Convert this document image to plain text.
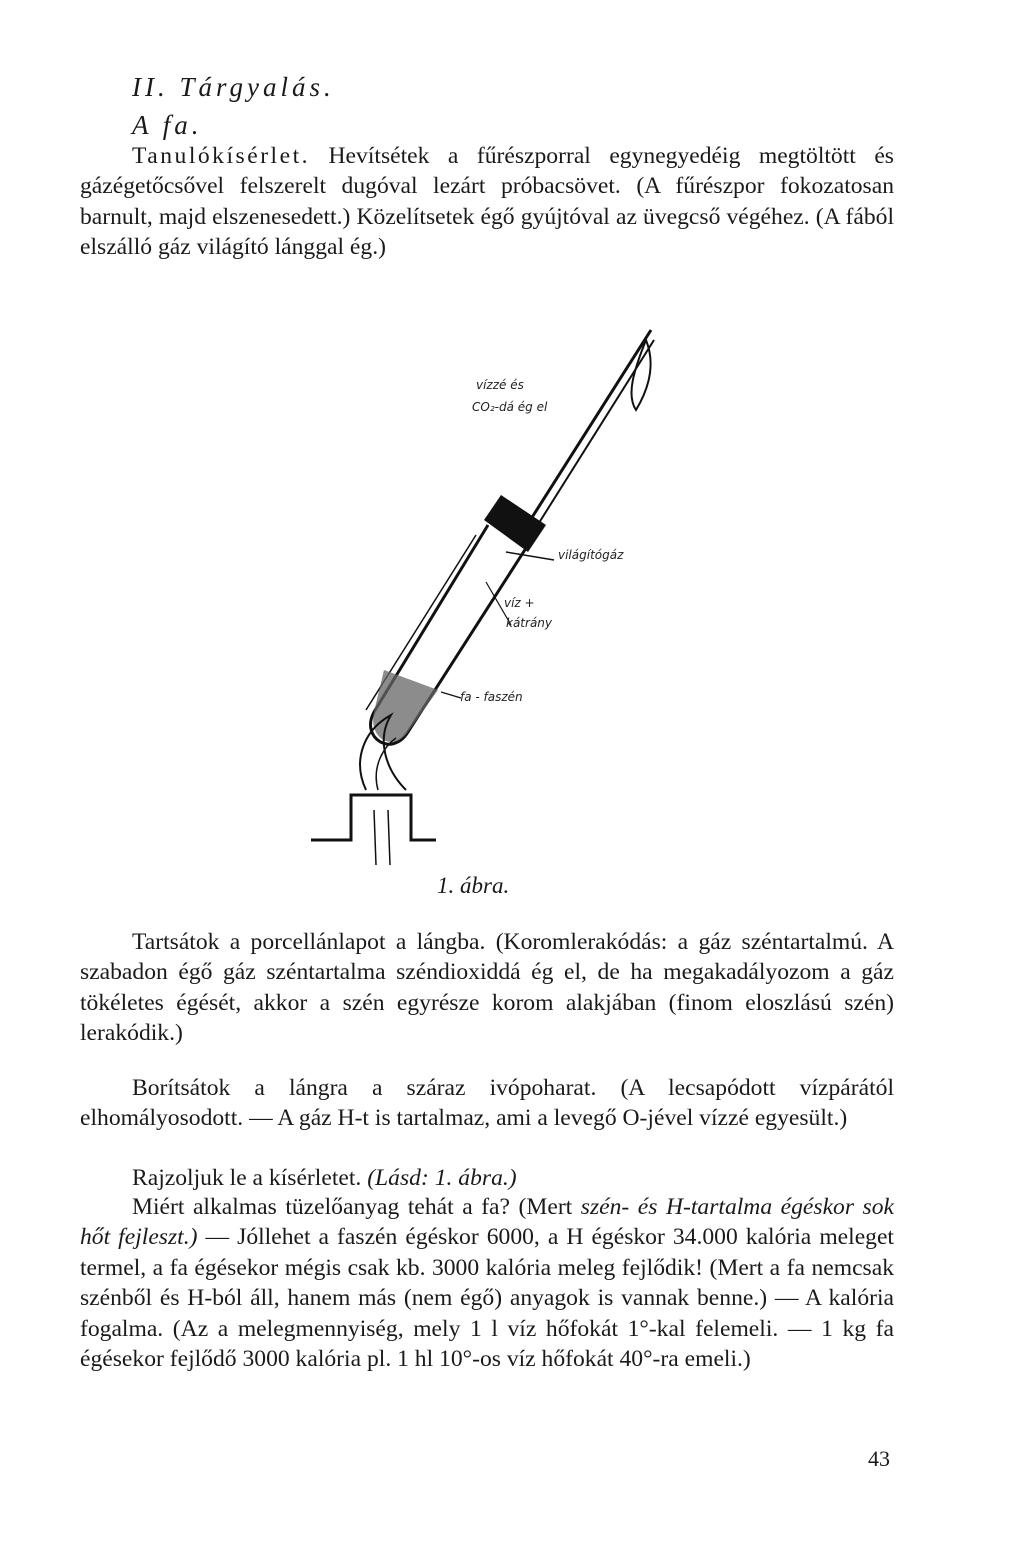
II. Tárgyalás.
A fa.

Tanulókísérlet. Hevítsétek a fűrészporral egynegyedéig megtöltött és gázégetőcsővel felszerelt dugóval lezárt próbacsövet. (A fűrészpor fokozatosan barnult, majd elszenesedett.) Közelítsetek égő gyújtóval az üvegcső végéhez. (A fából elszálló gáz világító lánggal ég.)

vízzé és
CO₂-dá ég el
világítógáz
víz +
kátrány
fa - faszén
1. ábra.

Tartsátok a porcellánlapot a lángba. (Koromlerakódás: a gáz széntartalmú. A szabadon égő gáz széntartalma széndioxiddá ég el, de ha megakadályozom a gáz tökéletes égését, akkor a szén egyrésze korom alakjában (finom eloszlású szén) lerakódik.)

Borítsátok a lángra a száraz ivópoharat. (A lecsapódott vízpárától elhomályosodott. — A gáz H-t is tartalmaz, ami a levegő O-jével vízzé egyesült.)

Rajzoljuk le a kísérletet. (Lásd: 1. ábra.)

Miért alkalmas tüzelőanyag tehát a fa? (Mert szén- és H-tartalma égéskor sok hőt fejleszt.) — Jóllehet a faszén égéskor 6000, a H égéskor 34.000 kalória meleget termel, a fa égésekor mégis csak kb. 3000 kalória meleg fejlődik! (Mert a fa nemcsak szénből és H-ból áll, hanem más (nem égő) anyagok is vannak benne.) — A kalória fogalma. (Az a melegmennyiség, mely 1 l víz hőfokát 1°-kal felemeli. — 1 kg fa égésekor fejlődő 3000 kalória pl. 1 hl 10°-os víz hőfokát 40°-ra emeli.)

43
